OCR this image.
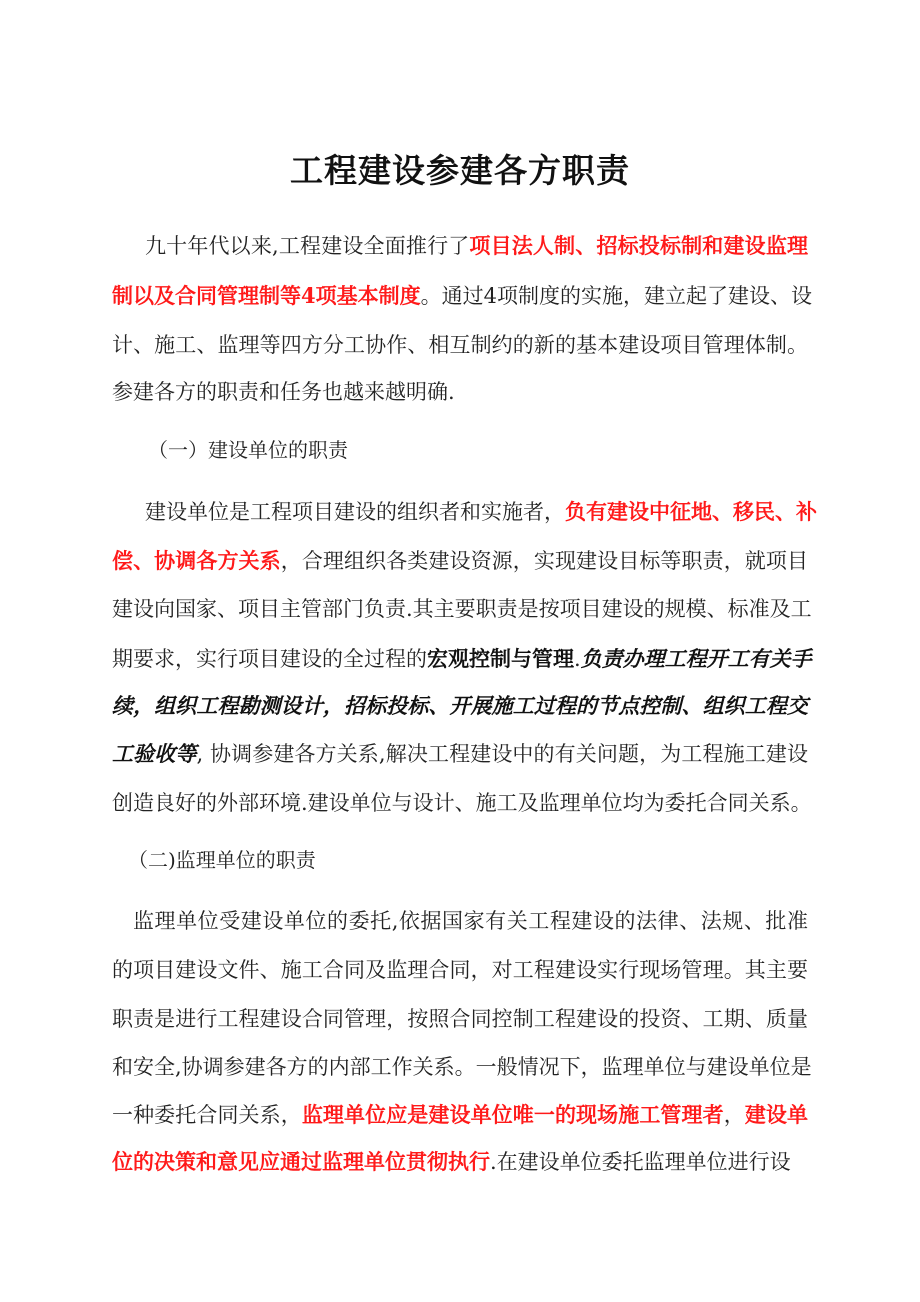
工程建设参建各方职责
（一）建设单位的职责
（二)监理单位的职责
九十年代以来,工程建设全面推行了项目法人制、招标投标制和建设监理
制以及合同管理制等4项基本制度。通过4项制度的实施，建立起了建设、设
计、施工、监理等四方分工协作、相互制约的新的基本建设项目管理体制。
参建各方的职责和任务也越来越明确.
建设单位是工程项目建设的组织者和实施者，负有建设中征地、移民、补
偿、协调各方关系，合理组织各类建设资源，实现建设目标等职责，就项目
建设向国家、项目主管部门负责.其主要职责是按项目建设的规模、标准及工
期要求，实行项目建设的全过程的宏观控制与管理.负责办理工程开工有关手
续，组织工程勘测设计，招标投标、开展施工过程的节点控制、组织工程交
工验收等, 协调参建各方关系,解决工程建设中的有关问题，为工程施工建设
创造良好的外部环境.建设单位与设计、施工及监理单位均为委托合同关系。
监理单位受建设单位的委托,依据国家有关工程建设的法律、法规、批准
的项目建设文件、施工合同及监理合同，对工程建设实行现场管理。其主要
职责是进行工程建设合同管理，按照合同控制工程建设的投资、工期、质量
和安全,协调参建各方的内部工作关系。一般情况下，监理单位与建设单位是
一种委托合同关系，监理单位应是建设单位唯一的现场施工管理者，建设单
位的决策和意见应通过监理单位贯彻执行.在建设单位委托监理单位进行设
